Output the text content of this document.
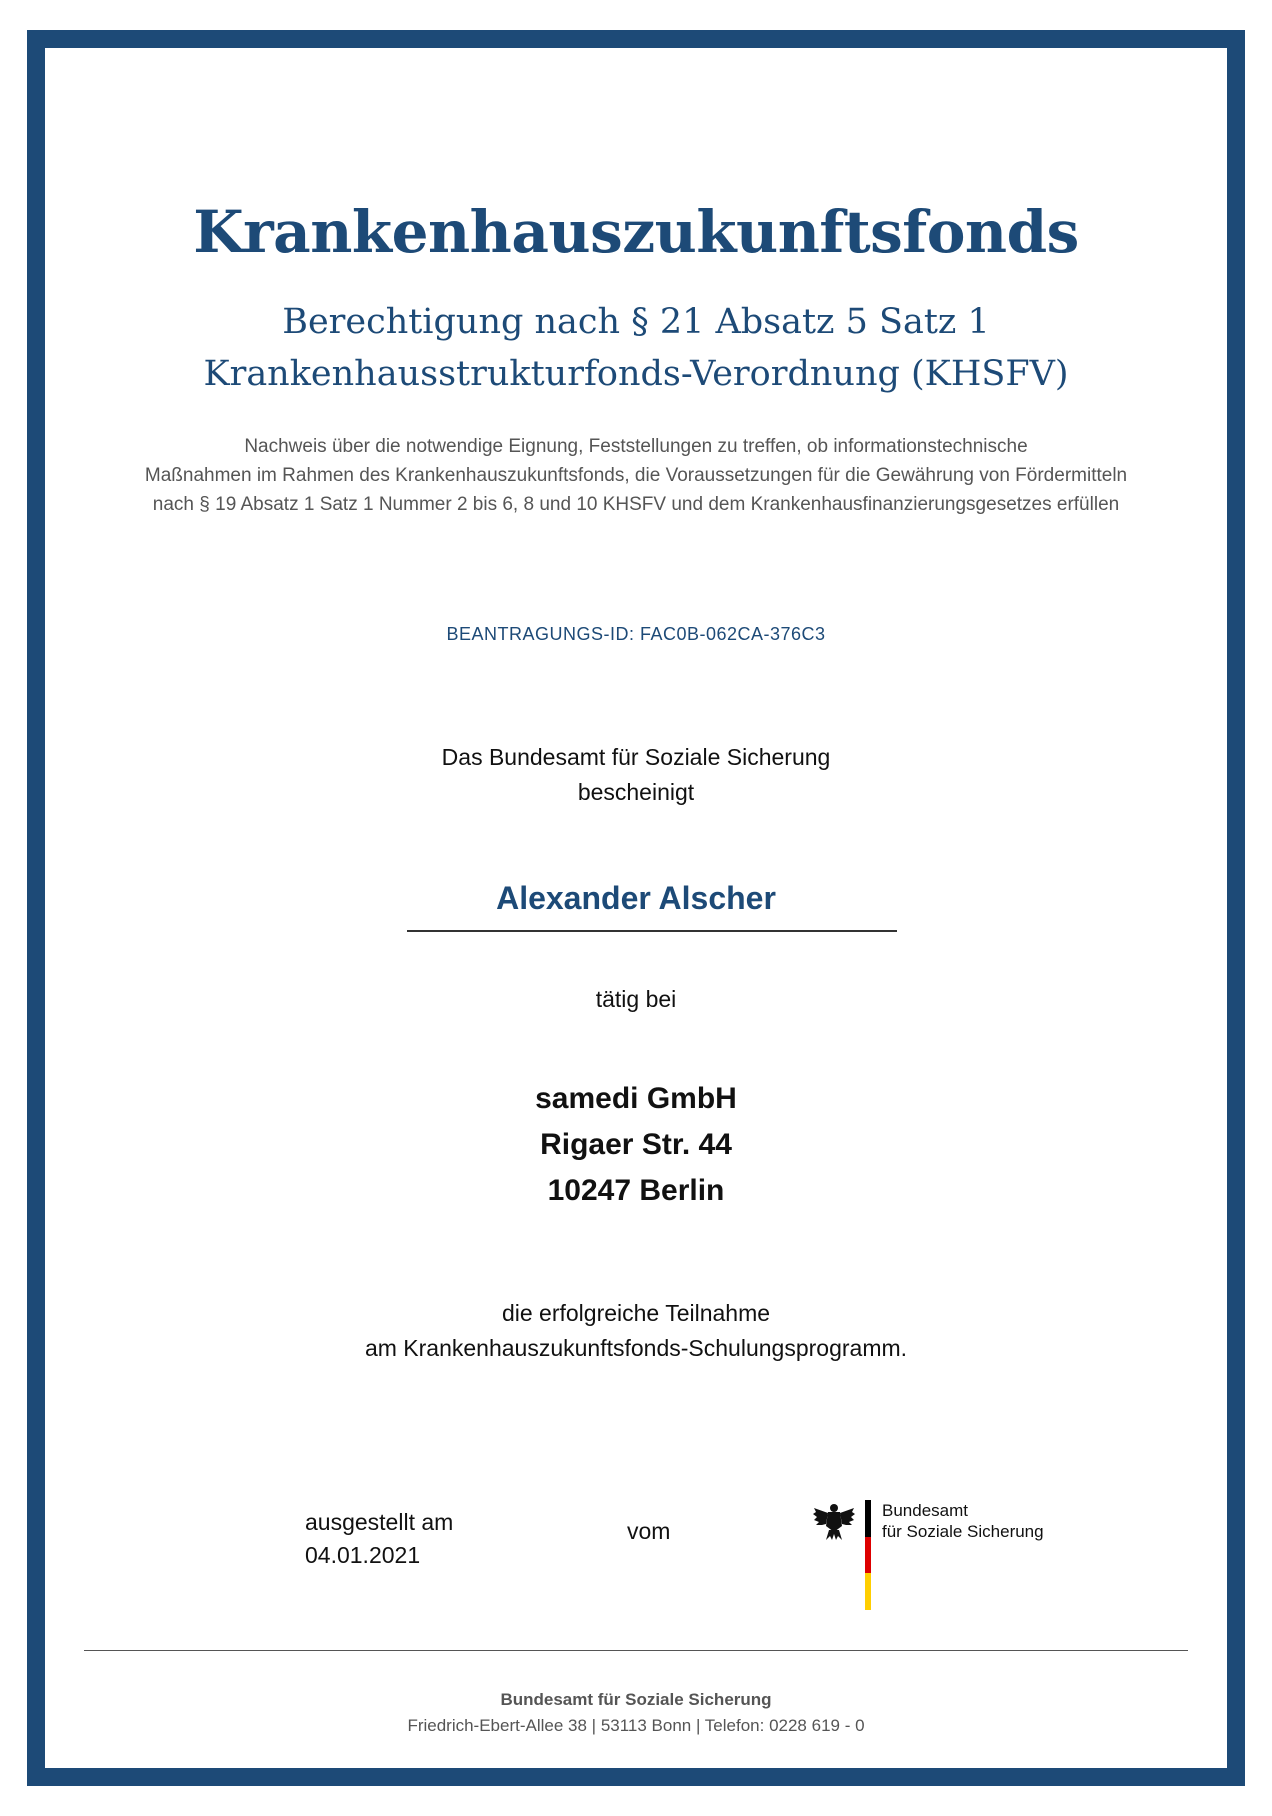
Krankenhauszukunftsfonds
Berechtigung nach § 21 Absatz 5 Satz 1
Krankenhausstrukturfonds-Verordnung (KHSFV)
Nachweis über die notwendige Eignung, Feststellungen zu treffen, ob informationstechnische
Maßnahmen im Rahmen des Krankenhauszukunftsfonds, die Voraussetzungen für die Gewährung von Fördermitteln
nach § 19 Absatz 1 Satz 1 Nummer 2 bis 6, 8 und 10 KHSFV und dem Krankenhausfinanzierungsgesetzes erfüllen
BEANTRAGUNGS-ID: FAC0B-062CA-376C3
Das Bundesamt für Soziale Sicherung
bescheinigt
Alexander Alscher
tätig bei
samedi GmbH
Rigaer Str. 44
10247 Berlin
die erfolgreiche Teilnahme
am Krankenhauszukunftsfonds-Schulungsprogramm.
ausgestellt am
04.01.2021
vom
Bundesamt
für Soziale Sicherung
Bundesamt für Soziale Sicherung
Friedrich-Ebert-Allee 38 | 53113 Bonn | Telefon: 0228 619 - 0
